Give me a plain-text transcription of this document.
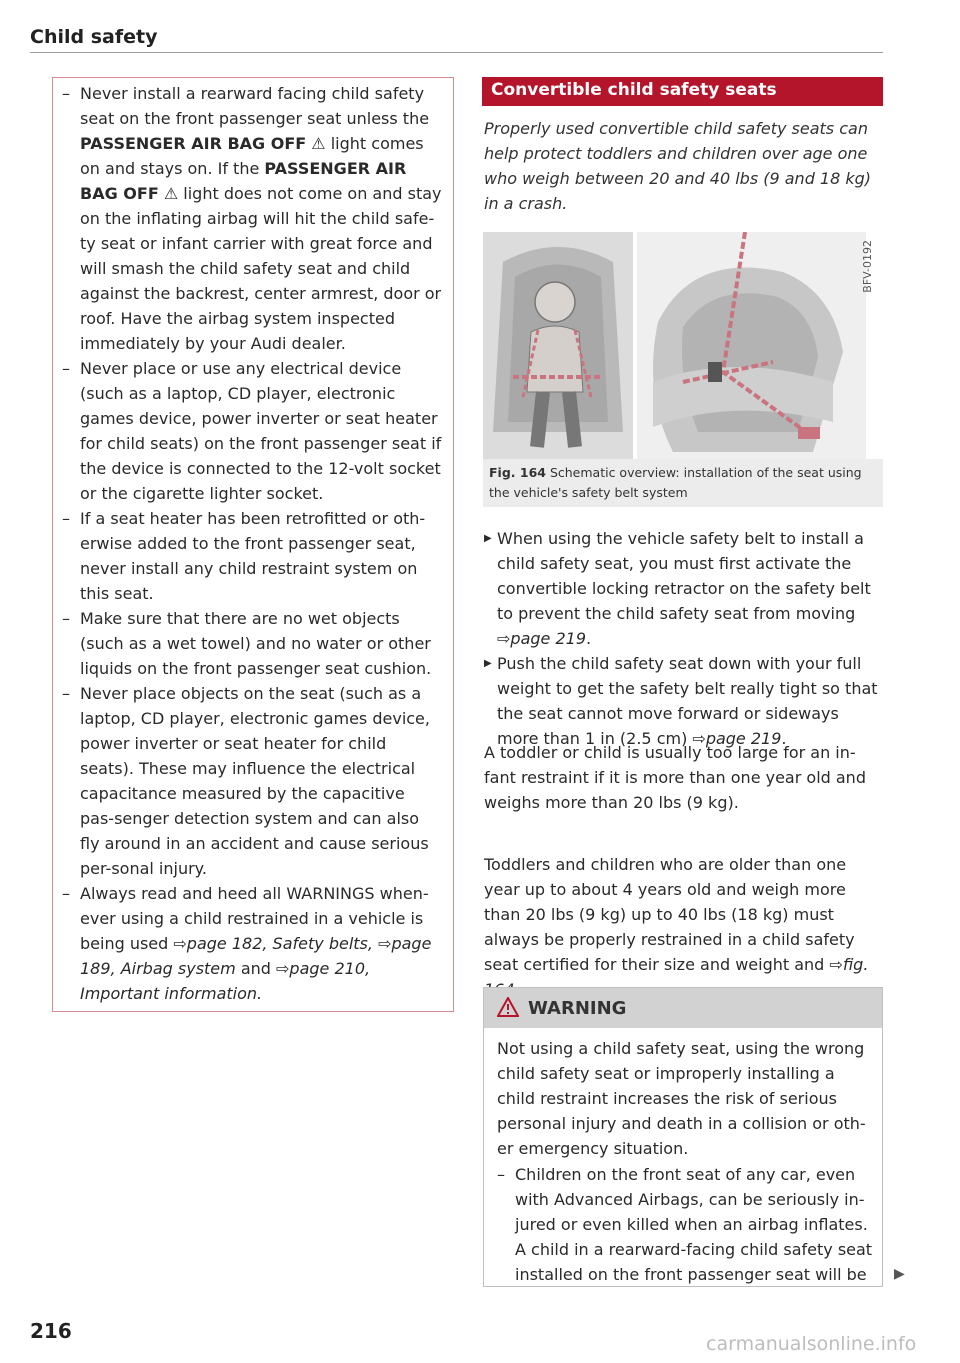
Child safety
– Never install a rearward facing child safety seat on the front passenger seat unless the PASSENGER AIR BAG OFF ⚠ light comes on and stays on. If the PASSENGER AIR BAG OFF ⚠ light does not come on and stay on the inflating airbag will hit the child safe-ty seat or infant carrier with great force and will smash the child safety seat and child against the backrest, center armrest, door or roof. Have the airbag system inspected immediately by your Audi dealer.
– Never place or use any electrical device (such as a laptop, CD player, electronic games device, power inverter or seat heater for child seats) on the front passenger seat if the device is connected to the 12-volt socket or the cigarette lighter socket.
– If a seat heater has been retrofitted or oth-erwise added to the front passenger seat, never install any child restraint system on this seat.
– Make sure that there are no wet objects (such as a wet towel) and no water or other liquids on the front passenger seat cushion.
– Never place objects on the seat (such as a laptop, CD player, electronic games device, power inverter or seat heater for child seats). These may influence the electrical capacitance measured by the capacitive pas-senger detection system and can also fly around in an accident and cause serious per-sonal injury.
– Always read and heed all WARNINGS when-ever using a child restrained in a vehicle is being used ⇨page 182, Safety belts, ⇨page 189, Airbag system and ⇨page 210, Important information.
Convertible child safety seats
Properly used convertible child safety seats can help protect toddlers and children over age one who weigh between 20 and 40 lbs (9 and 18 kg) in a crash.
BFV-0192
Fig. 164 Schematic overview: installation of the seat using the vehicle's safety belt system
▶ When using the vehicle safety belt to install a child safety seat, you must first activate the convertible locking retractor on the safety belt to prevent the child safety seat from moving ⇨page 219.
▶ Push the child safety seat down with your full weight to get the safety belt really tight so that the seat cannot move forward or sideways more than 1 in (2.5 cm) ⇨page 219.
A toddler or child is usually too large for an in-fant restraint if it is more than one year old and weighs more than 20 lbs (9 kg).
Toddlers and children who are older than one year up to about 4 years old and weigh more than 20 lbs (9 kg) up to 40 lbs (18 kg) must always be properly restrained in a child safety seat certified for their size and weight and ⇨fig.
WARNING
Not using a child safety seat, using the wrong child safety seat or improperly installing a child restraint increases the risk of serious personal injury and death in a collision or oth-er emergency situation.
– Children on the front seat of any car, even with Advanced Airbags, can be seriously in-jured or even killed when an airbag inflates. A child in a rearward-facing child safety seat installed on the front passenger seat will be	▶
216
carmanualsonline.info
